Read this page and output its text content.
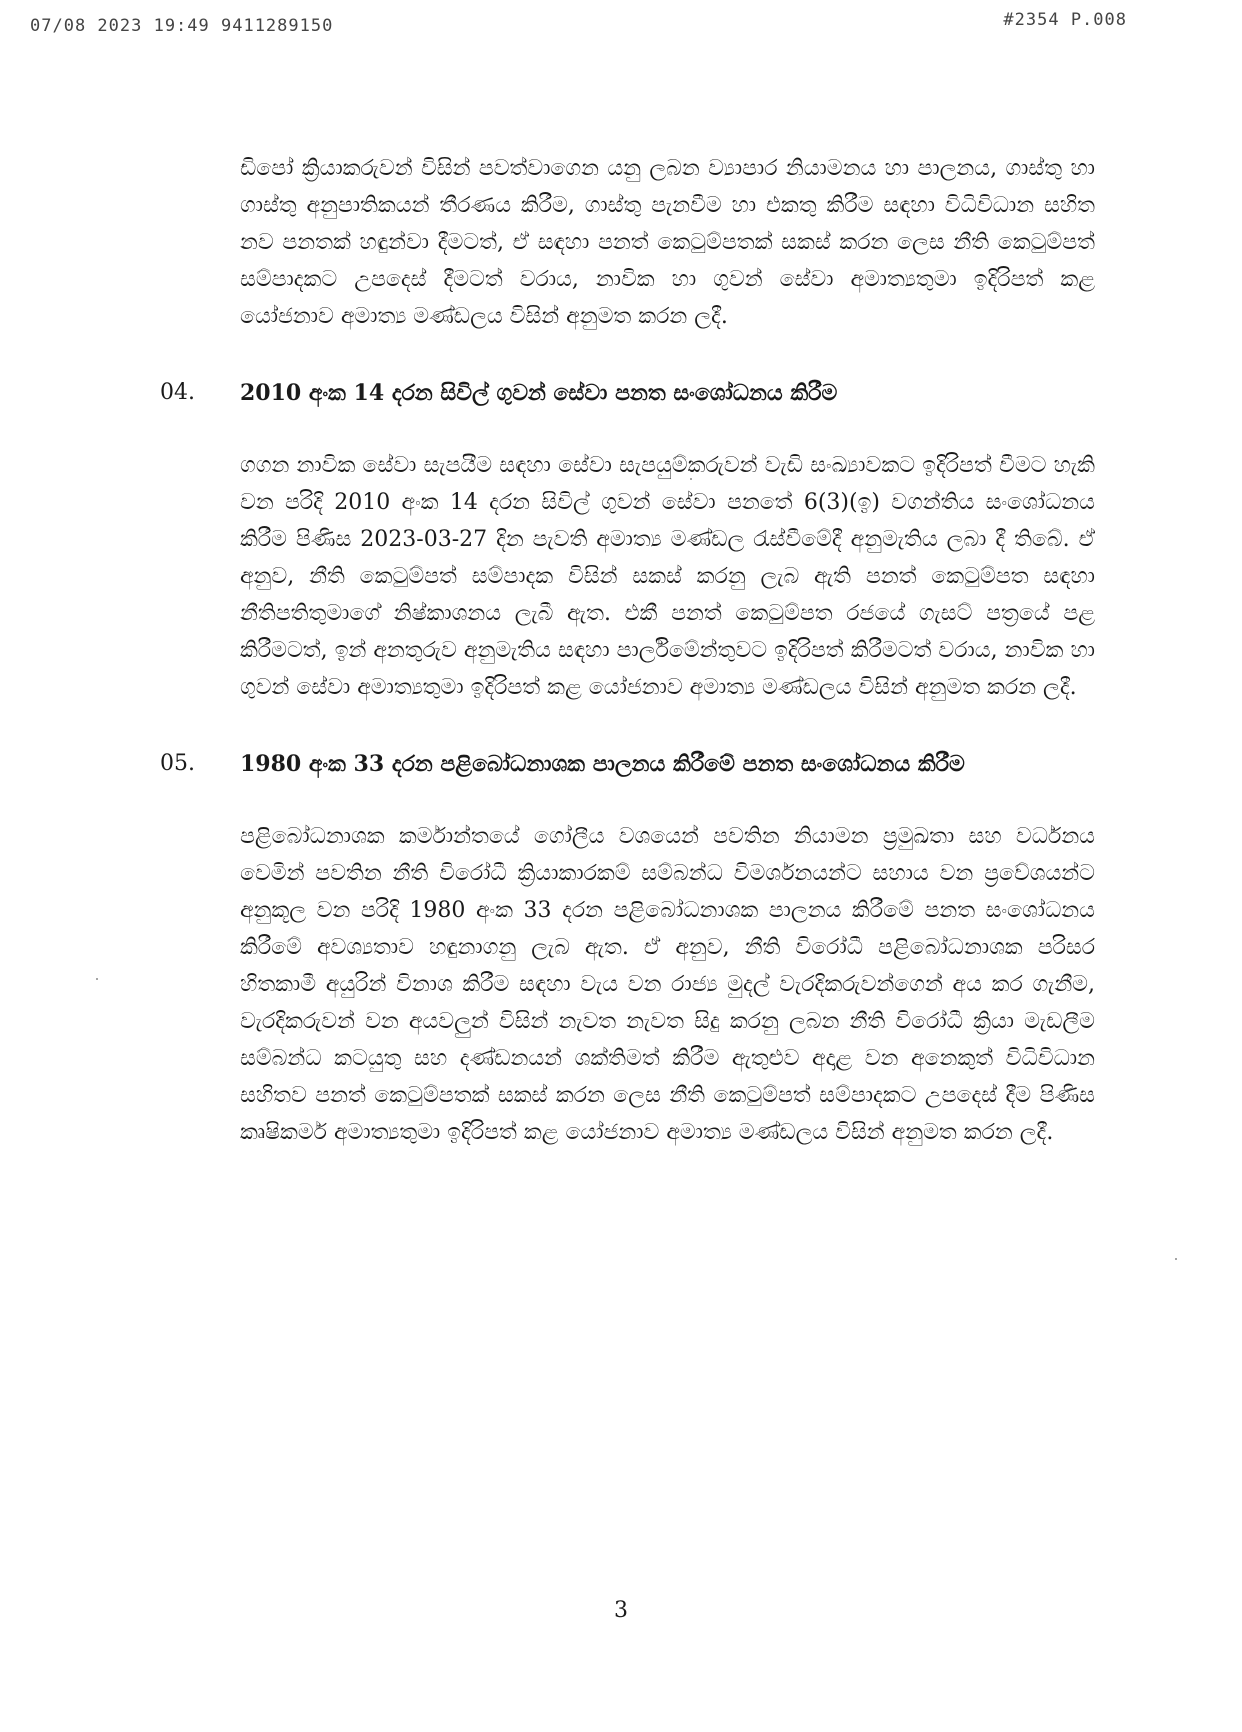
07/08 2023 19:49 9411289150	#2354 P.008

ඩිපෝ ක්‍රියාකරුවන් විසින් පවත්වාගෙන යනු ලබන ව්‍යාපාර නියාමනය හා පාලනය, ගාස්තු හා ගාස්තු අනුපාතිකයන් තීරණය කිරීම, ගාස්තු පැනවීම හා එකතු කිරීම සඳහා විධිවිධාන සහිත නව පනතක් හඳුන්වා දීමටත්, ඒ සඳහා පනත් කෙටුම්පතක් සකස් කරන ලෙස නීති කෙටුම්පත් සම්පාදකට උපදෙස් දීමටත් වරාය, නාවික හා ගුවන් සේවා අමාත්‍යතුමා ඉදිරිපත් කළ යෝජනාව අමාත්‍ය මණ්ඩලය විසින් අනුමත කරන ලදී.

04.	2010 අංක 14 දරන සිවිල් ගුවන් සේවා පනත සංශෝධනය කිරීම

ගගන නාවික සේවා සැපයීම සඳහා සේවා සැපයුම්කරුවන් වැඩි සංඛ්‍යාවකට ඉදිරිපත් වීමට හැකි වන පරිදි 2010 අංක 14 දරන සිවිල් ගුවන් සේවා පනතේ 6(3)(ඉ) වගන්තිය සංශෝධනය කිරීම පිණිස 2023-03-27 දින පැවති අමාත්‍ය මණ්ඩල රැස්වීමේදී අනුමැතිය ලබා දී තිබේ. ඒ අනුව, නීති කෙටුම්පත් සම්පාදක විසින් සකස් කරනු ලැබ ඇති පනත් කෙටුම්පත සඳහා නීතිපතිතුමාගේ නිෂ්කාශනය ලැබී ඇත. එකී පනත් කෙටුම්පත රජයේ ගැසට් පත්‍රයේ පළ කිරීමටත්, ඉන් අනතුරුව අනුමැතිය සඳහා පාර්ලිමේන්තුවට ඉදිරිපත් කිරීමටත් වරාය, නාවික හා ගුවන් සේවා අමාත්‍යතුමා ඉදිරිපත් කළ යෝජනාව අමාත්‍ය මණ්ඩලය විසින් අනුමත කරන ලදී.

05.	1980 අංක 33 දරන පළිබෝධනාශක පාලනය කිරීමේ පනත සංශෝධනය කිරීම

පළිබෝධනාශක කර්මාන්තයේ ගෝලීය වශයෙන් පවතින නියාමන ප්‍රමුඛතා සහ වර්ධනය වෙමින් පවතින නීති විරෝධී ක්‍රියාකාරකම් සම්බන්ධ විමර්ශනයන්ට සහාය වන ප්‍රවේශයන්ට අනුකූල වන පරිදි 1980 අංක 33 දරන පළිබෝධනාශක පාලනය කිරීමේ පනත සංශෝධනය කිරීමේ අවශ්‍යතාව හඳුනාගනු ලැබ ඇත. ඒ අනුව, නීති විරෝධී පළිබෝධනාශක පරිසර හිතකාමී අයුරින් විනාශ කිරීම සඳහා වැය වන රාජ්‍ය මුදල් වැරදිකරුවන්ගෙන් අය කර ගැනීම, වැරදිකරුවන් වන අයවලුන් විසින් නැවත නැවත සිදු කරනු ලබන නීති විරෝධී ක්‍රියා මැඩලීම සම්බන්ධ කටයුතු සහ දණ්ඩනයන් ශක්තිමත් කිරීම ඇතුළුව අදාළ වන අනෙකුත් විධිවිධාන සහිතව පනත් කෙටුම්පතක් සකස් කරන ලෙස නීති කෙටුම්පත් සම්පාදකට උපදෙස් දීම පිණිස කෘෂිකර්ම අමාත්‍යතුමා ඉදිරිපත් කළ යෝජනාව අමාත්‍ය මණ්ඩලය විසින් අනුමත කරන ලදී.

3
